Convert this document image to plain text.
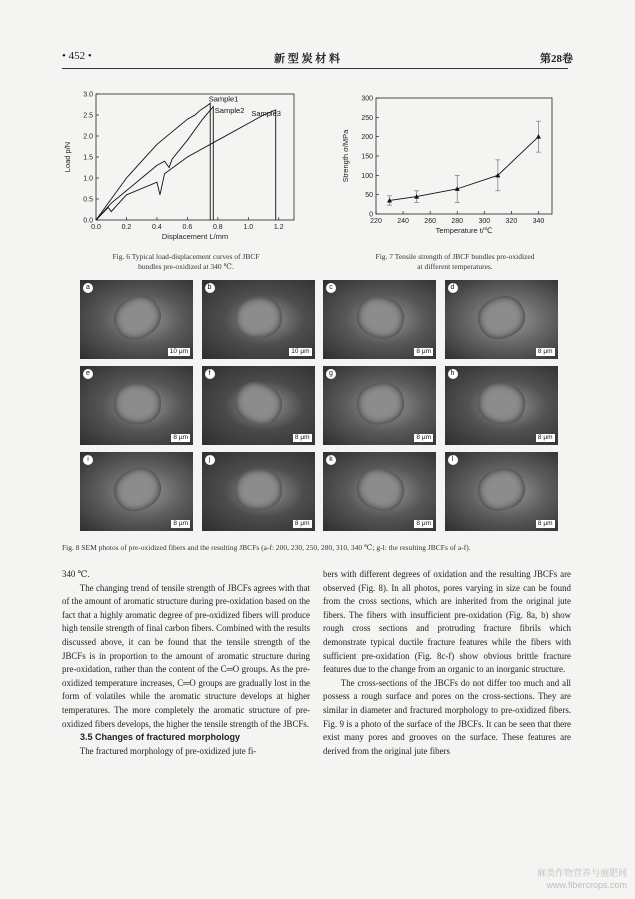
• 452 •	新 型 炭 材 料	第28卷
0.0	0.2	0.4	0.6	0.8	1.0	1.2
0.0
0.5
1.0
1.5
2.0
2.5
3.0
Displacement L/mm
Load p/N
Sample1
Sample2 Sample3
Fig. 6 Typical load-displacement curves of JBCF
bundles pre-oxidized at 340 ℃.
220 240 260 280 300 320 340
0
50
100
150
200
250
300
Temperature t/℃
Strength σ/MPa
Fig. 7 Tensile strength of JBCF bundles pre-oxidized
at different temperatures.
a
10 μm
b
10 μm
c
8 μm
d
8 μm
e
8 μm
f
8 μm
g
8 μm
h
8 μm
i
8 μm
j
8 μm
k
8 μm
l
8 μm
Fig. 8 SEM photos of pre-oxidized fibers and the resulting JBCFs (a-f: 200, 230, 250, 280, 310, 340 ℃; g-l: the resulting JBCFs of a-f).

340 ℃.

The changing trend of tensile strength of JBCFs agrees with that of the amount of aromatic structure during pre-oxidation based on the fact that a highly aromatic degree of pre-oxidized fibers will produce high tensile strength of final carbon fibers. Combined with the results discussed above, it can be found that the tensile strength of the JBCFs is in proportion to the amount of aromatic structure during pre-oxidation, rather than the content of the C═O groups. As the pre-oxidized temperature increases, C═O groups are gradually lost in the form of volatiles while the aromatic structure develops at higher temperatures. The more completely the aromatic structure of pre-oxidized fibers develops, the higher the tensile strength of the JBCFs.

3.5 Changes of fractured morphology

The fractured morphology of pre-oxidized jute fi-

bers with different degrees of oxidation and the resulting JBCFs are observed (Fig. 8). In all photos, pores varying in size can be found from the cross sections, which are inherited from the original jute fibers. The fibers with insufficient pre-oxidation (Fig. 8a, b) show rough cross sections and protruding fracture fibrils which demonstrate typical ductile fracture features while the fibers with sufficient pre-oxidation (Fig. 8c-f) show obvious brittle fracture features due to the change from an organic to an inorganic structure.

The cross-sections of the JBCFs do not differ too much and all possess a rough surface and pores on the cross-sections. They are similar in diameter and fractured morphology to pre-oxidized fibers. Fig. 9 is a photo of the surface of the JBCFs. It can be seen that there exist many pores and grooves on the surface. These features are derived from the original jute fibers

麻类作物营养与施肥网
www.fibercrops.com
